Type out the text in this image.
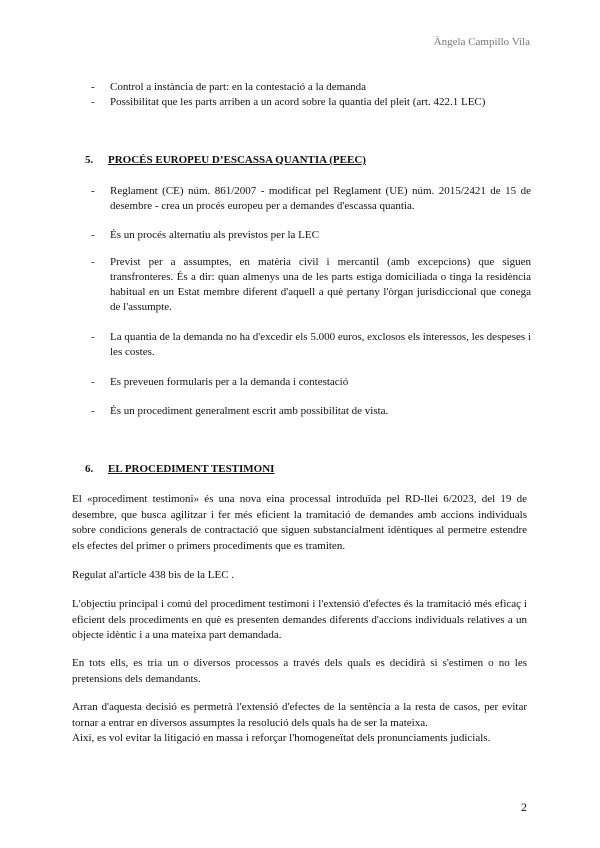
Àngela Campillo Vila
- Control a instància de part: en la contestació a la demanda
- Possibilitat que les parts arriben a un acord sobre la quantia del pleit (art. 422.1 LEC)
5. PROCÉS EUROPEU D’ESCASSA QUANTIA (PEEC)
- Reglament (CE) núm. 861/2007 - modificat pel Reglament (UE) núm. 2015/2421 de 15 de desembre - crea un procés europeu per a demandes d'escassa quantia.
- És un procés alternatiu als previstos per la LEC
- Previst per a assumptes, en matèria civil i mercantil (amb excepcions) que siguen transfronteres. És a dir: quan almenys una de les parts estiga domiciliada o tinga la residència habitual en un Estat membre diferent d'aquell a què pertany l'òrgan jurisdiccional que conega de l'assumpte.
- La quantia de la demanda no ha d'excedir els 5.000 euros, exclosos els interessos, les despeses i les costes.
- Es preveuen formularis per a la demanda i contestació
- És un procediment generalment escrit amb possibilitat de vista.
6. EL PROCEDIMENT TESTIMONI
El «procediment testimoni» és una nova eina processal introduïda pel RD-llei 6/2023, del 19 de desembre, que busca agilitzar i fer més eficient la tramitació de demandes amb accions individuals sobre condicions generals de contractació que siguen substancialment idèntiques al permetre estendre els efectes del primer o primers procediments que es tramiten.
Regulat al'article 438 bis de la LEC .
L'objectiu principal i comú del procediment testimoni i l'extensió d'efectes és la tramitació més eficaç i eficient dels procediments en què es presenten demandes diferents d'accions individuals relatives a un objecte idèntic i a una mateixa part demandada.
En tots ells, es tria un o diversos processos a través dels quals es decidirà si s'estimen o no les pretensions dels demandants.
Arran d'aquesta decisió es permetrà l'extensió d'efectes de la sentència a la resta de casos, per evitar tornar a entrar en diversos assumptes la resolució dels quals ha de ser la mateixa.
Així, es vol evitar la litigació en massa i reforçar l'homogeneïtat dels pronunciaments judicials.
2
